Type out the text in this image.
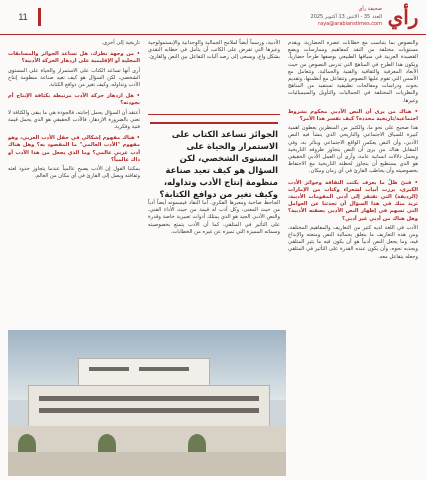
رأي
صحيفة رأي
العدد 35 - الاثنين 13 أكتوبر 2025
raya@arabianstimes.com
11

والنصوص بما يتناسب مع خطابات عصره الحضارية، ويقدم مستويات مختلفة من النقد كمفاهيم وممارسات ويضع القصيدة العربية في سياقها الطبيعي بوصفها طرحاً حضارياً، ويكون هذا الطرح في المناهج التي تدرس النصوص من حيث الأبعاد المعرفية والثقافية والفنية والجمالية، وتتعامل مع الأسس التي تقوم عليها النصوص وتتفاعل مع أنظمتها، وتقديم بحوث ودراسات ومعالجات تطبيقية تستفيد من المناهج والنظريات المختلفة في الجماليات والتأويل والسيميائيات وغيرها.

• هناك من يرى أن النص الأدبي محكوم بشروط اجتماعية/تاريخية محددة؟ كيف تفسر هذا الأمر؟

هذا صحيح على نحو ما، والكثير من المنظرين يعطون اهمية كبيرة للسياق الاجتماعي والتاريخي الذي ينشأ فيه النص الأدبي، وأن النص يعكس الواقع الاجتماعي ويتأثر به، وفي المقابل هناك من يرى أن النص يتجاوز ظروفه التاريخية ويحمل دلالات انسانية عامة، وأرى أن العمل الأدبي الحقيقي هو الذي يستطيع أن يتجاوز لحظته التاريخية مع الاحتفاظ بخصوصيته وأن يخاطب القارئ في أي زمان ومكان.

• فنيّ ظلّ ما يعرف بكتب الثقافة وجوائز الأدب الكبرى، برزت أبيات لشعراء وكتاب من الإمارات (الرديفة) التي تفتقر إلى أدنى المقومات الأدبية، تريد منك في هذا السؤال أن تحدثنا عن العوامل التي تسهم في إظهار النص الأدبي بصفته الأدبية؟ وهل هناك من أدبي غير أدبي؟

الأدب في اللغة لديه كثير من التعاريف والمفاهيم المختلفة، ومن هذه التعاريف ما يتعلق بجمالية النص ومتعته والإبداع فيه، وما يجعل النص أدبياً هو أن يكون فيه ما يثير المتلقي ويجذبه نحوه، وأن يكون عنده القدرة على التأثير في المتلقي وجعله يتفاعل معه.

الأدبية، ورسماً أيضاً لملامح الجمالية والوجدانية والإبستمولوجية وغيرها التي تفرض على الكاتب أن يتأمل في خطابه النقدي بشكل واع، ويسعى إلى رصد آليات التفاعل بين النص والقارئ.

الجوائز تساعد الكتاب على الاستمرار والحياة على المستوى الشخصي، لكن السؤال هو كيف تعيد صناعة منظومة إنتاج الأدب وتداوله، وكيف تغير من دوافع الكتابة؟

الجاحظ صاحبة ومعبرها الفكري. أما النقاد فيسمونه أيضاً أدباً من حيث المعنى، وكل أدب له قيمة من حيث الأداء الفني، والنص الأدبي الجيد هو الذي يمتلك أدوات تعبيرية خاصة وقدرة على التأثير في المتلقي، كما أن الأدب يتمتع بخصوصيته وسماته المميزة التي تميزه عن غيره من الخطابات.

تاريخية إلى أخرى.

• من وجهة نظرك، هل تساعد الجوائز والمسابقات المحلية أو الإقليمية على ازدهار الحركة الأدبية؟

أرى أنها تساعد الكتاب على الاستمرار والحياة على المستوى الشخصي، لكن السؤال هو كيف تعيد صناعة منظومة إنتاج الأدب وتداوله، وكيف تغير من دوافع الكتابة.

• هل ازدهار حركة الأدب مرتبطة بكثافة الإنتاج أم بجودته؟

أعتقد أن السؤال يحمل إجابته، فالجودة هي ما يبقى والكثافة لا تعني بالضرورة الازدهار، فالأدب الحقيقي هو الذي يحمل قيمة فنية وفكرية.

• هناك مفهوم إشكالي في حقل الأدب العربي، وهو مفهوم "الأدب العالمي" ما المقصود به؟ وهل هناك أدب عربي عالمي؟ وما الذي يجعل من هذا الأدب أو ذاك عالمياً؟

يمكننا القول إن الأدب يصبح عالمياً عندما يتجاوز حدود لغته وثقافته ويصل إلى القارئ في أي مكان من العالم.
